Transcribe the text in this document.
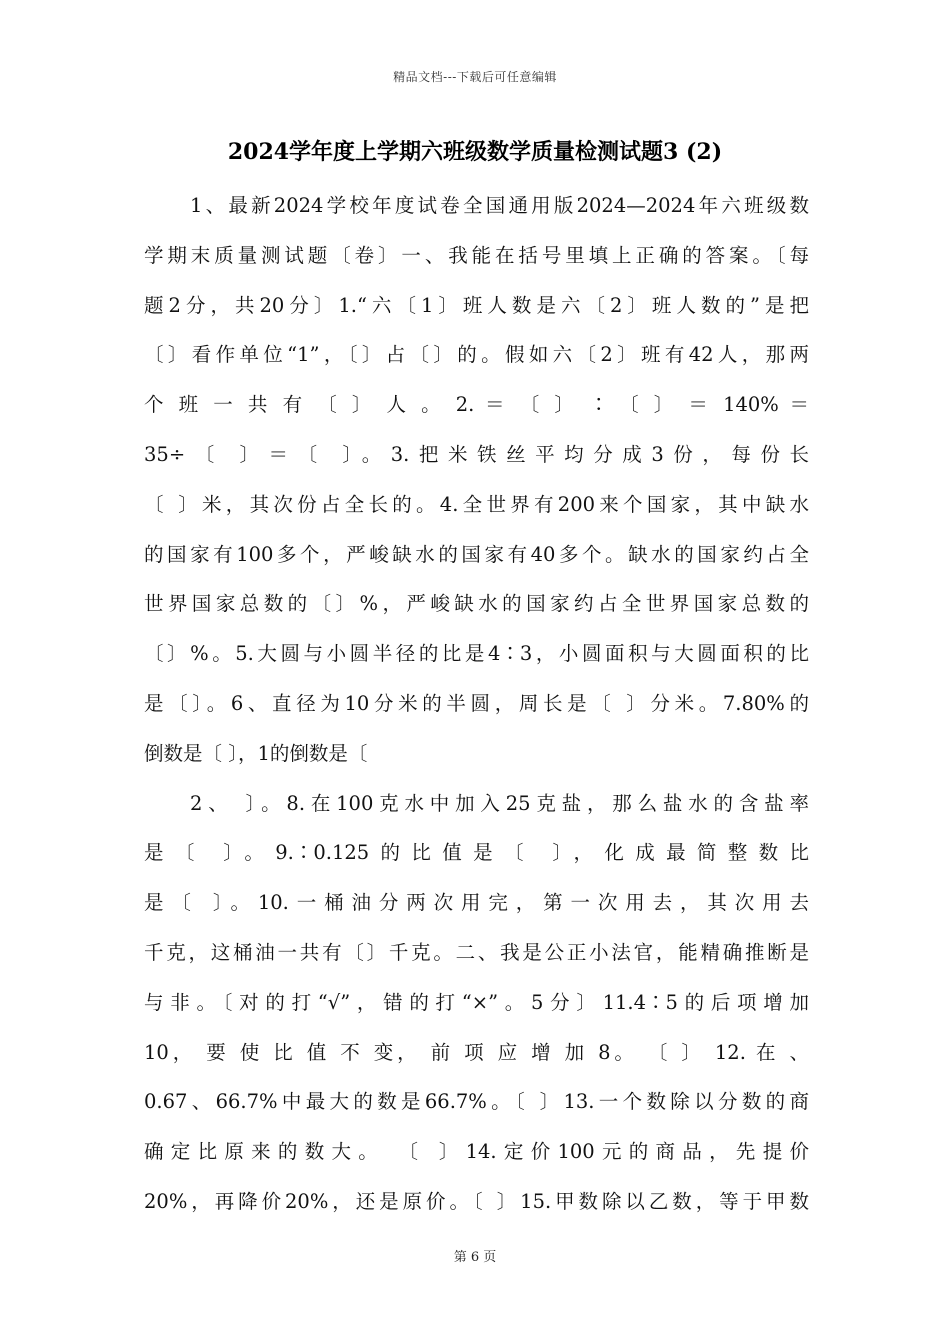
精品文档---下载后可任意编辑
2024学年度上学期六班级数学质量检测试题3 (2)
1、最新2024学校年度试卷全国通用版2024—2024年六班级数
学期末质量测试题〔卷〕一、我能在括号里填上正确的答案。〔每
题2分，共20分〕1.“六〔1〕班人数是六〔2〕班人数的”是把
〔〕看作单位“1”，〔〕占〔〕的。假如六〔2〕班有42人，那两
个 班 一 共 有 〔 〕 人 。 2. ＝ 〔 〕 ∶ 〔 〕 ＝ 140% ＝
35÷〔 〕＝〔 〕。3.把米铁丝平均分成3份，每份长
〔 〕米，其次份占全长的。4.全世界有200来个国家，其中缺水
的国家有100多个，严峻缺水的国家有40多个。缺水的国家约占全
世界国家总数的〔〕%，严峻缺水的国家约占全世界国家总数的
〔〕%。5.大圆与小圆半径的比是4∶3，小圆面积与大圆面积的比
是〔〕。6、直径为10分米的半圆，周长是〔 〕分米。7.80%的
倒数是〔 〕，1的倒数是〔
2、 〕。8.在100克水中加入25克盐，那么盐水的含盐率
是〔 〕。9.∶0.125的比值是〔 〕，化成最简整数比
是〔 〕。10.一桶油分两次用完，第一次用去，其次用去
千克，这桶油一共有〔〕千克。二、我是公正小法官，能精确推断是
与非。〔对的打“√”，错的打“×”。5分〕11.4∶5的后项增加
10， 要 使 比 值 不 变， 前 项 应 增 加 8。 〔 〕 12. 在 、
0.67、66.7%中最大的数是66.7%。〔 〕13.一个数除以分数的商
确定比原来的数大。 〔 〕14.定价100元的商品，先提价
20%，再降价20%，还是原价。〔 〕15.甲数除以乙数，等于甲数
第 6 页
